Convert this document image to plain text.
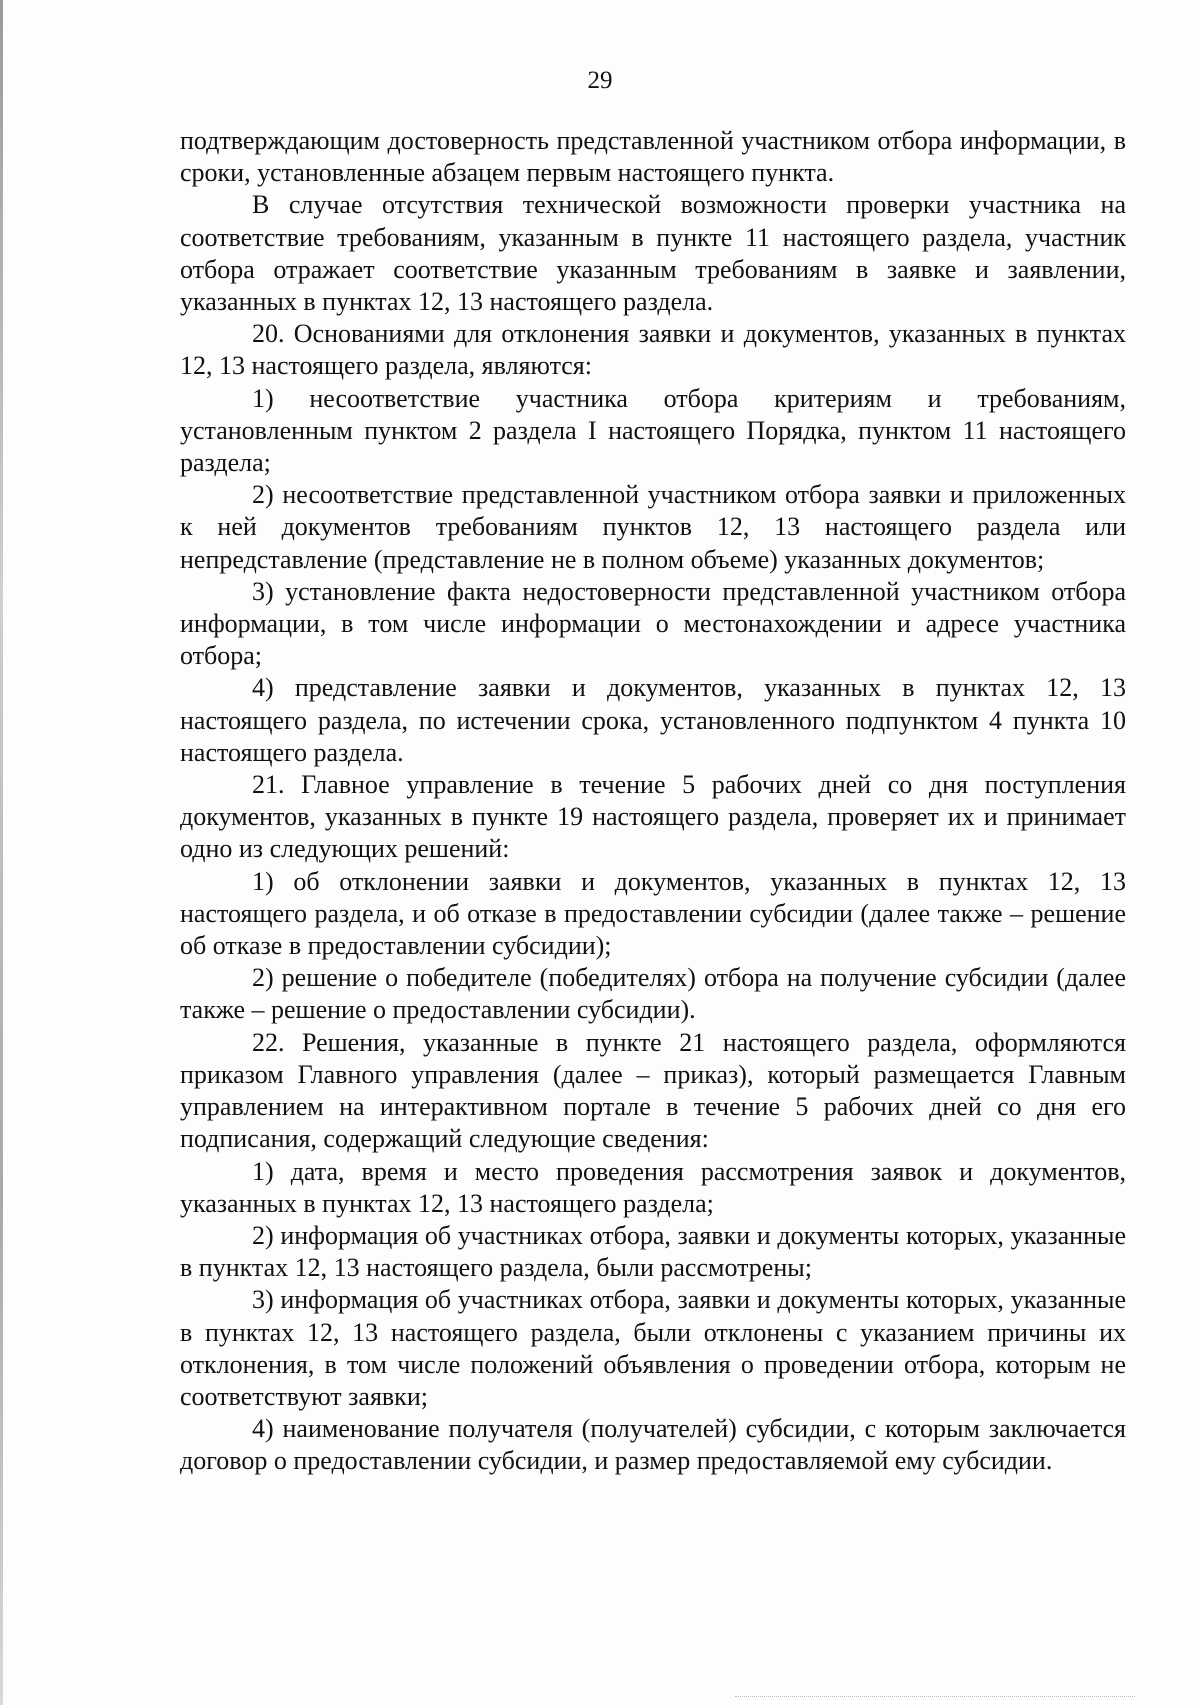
29

подтверждающим достоверность представленной участником отбора информации, в сроки, установленные абзацем первым настоящего пункта.

В случае отсутствия технической возможности проверки участника на соответствие требованиям, указанным в пункте 11 настоящего раздела, участник отбора отражает соответствие указанным требованиям в заявке и заявлении, указанных в пунктах 12, 13 настоящего раздела.

20. Основаниями для отклонения заявки и документов, указанных в пунктах 12, 13 настоящего раздела, являются:

1) несоответствие участника отбора критериям и требованиям, установленным пунктом 2 раздела I настоящего Порядка, пунктом 11 настоящего раздела;

2) несоответствие представленной участником отбора заявки и приложенных к ней документов требованиям пунктов 12, 13 настоящего раздела или непредставление (представление не в полном объеме) указанных документов;

3) установление факта недостоверности представленной участником отбора информации, в том числе информации о местонахождении и адресе участника отбора;

4) представление заявки и документов, указанных в пунктах 12, 13 настоящего раздела, по истечении срока, установленного подпунктом 4 пункта 10 настоящего раздела.

21. Главное управление в течение 5 рабочих дней со дня поступления документов, указанных в пункте 19 настоящего раздела, проверяет их и принимает одно из следующих решений:

1) об отклонении заявки и документов, указанных в пунктах 12, 13 настоящего раздела, и об отказе в предоставлении субсидии (далее также – решение об отказе в предоставлении субсидии);

2) решение о победителе (победителях) отбора на получение субсидии (далее также – решение о предоставлении субсидии).

22. Решения, указанные в пункте 21 настоящего раздела, оформляются приказом Главного управления (далее – приказ), который размещается Главным управлением на интерактивном портале в течение 5 рабочих дней со дня его подписания, содержащий следующие сведения:

1) дата, время и место проведения рассмотрения заявок и документов, указанных в пунктах 12, 13 настоящего раздела;

2) информация об участниках отбора, заявки и документы которых, указанные в пунктах 12, 13 настоящего раздела, были рассмотрены;

3) информация об участниках отбора, заявки и документы которых, указанные в пунктах 12, 13 настоящего раздела, были отклонены с указанием причины их отклонения, в том числе положений объявления о проведении отбора, которым не соответствуют заявки;

4) наименование получателя (получателей) субсидии, с которым заключается договор о предоставлении субсидии, и размер предоставляемой ему субсидии.
